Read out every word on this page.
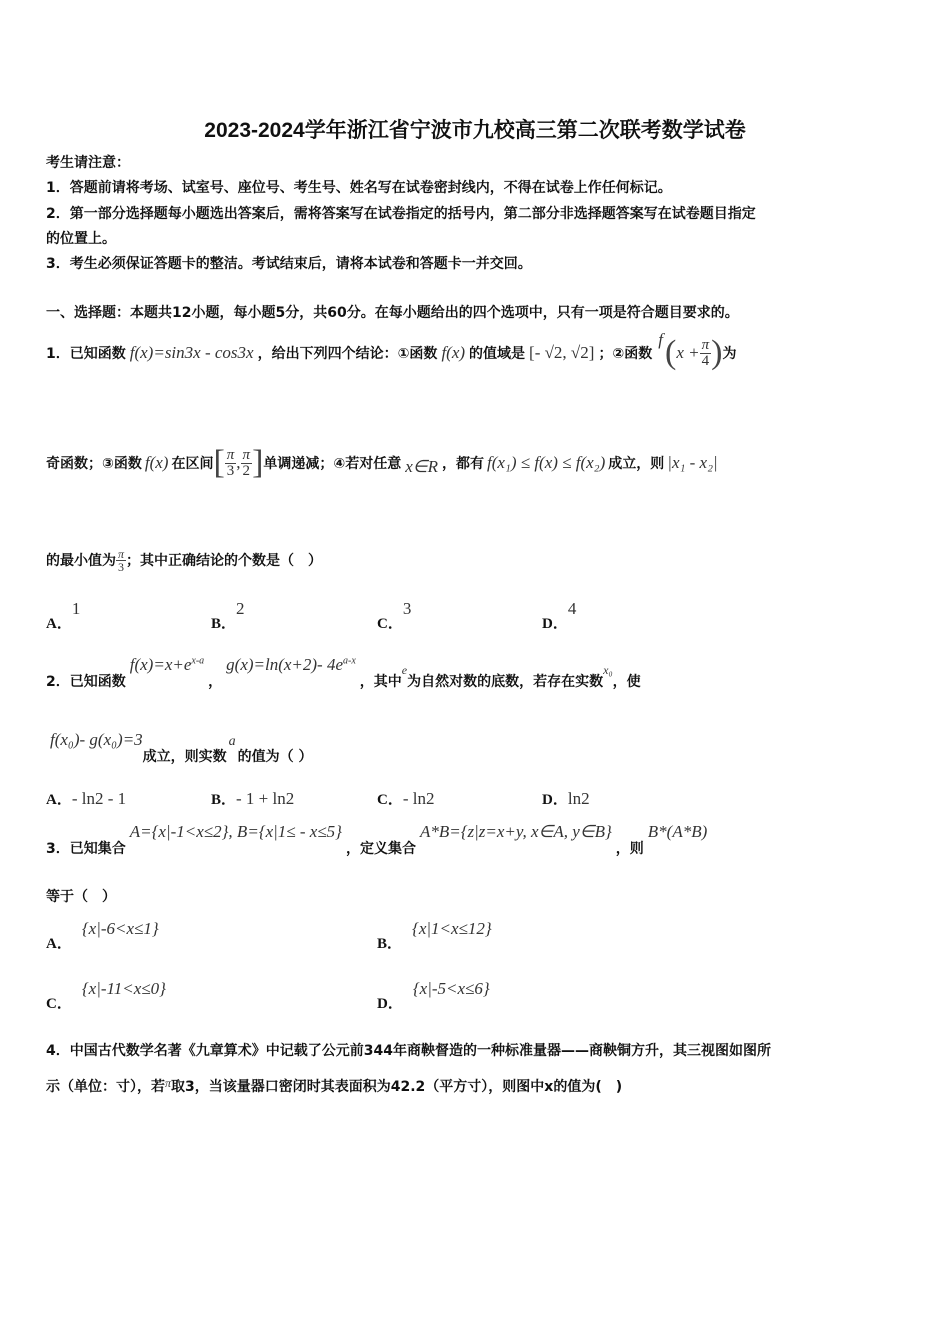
2023-2024学年浙江省宁波市九校高三第二次联考数学试卷
考生请注意：
1．答题前请将考场、试室号、座位号、考生号、姓名写在试卷密封线内，不得在试卷上作任何标记。
2．第一部分选择题每小题选出答案后，需将答案写在试卷指定的括号内，第二部分非选择题答案写在试卷题目指定
的位置上。
3．考生必须保证答题卡的整洁。考试结束后，请将本试卷和答题卡一并交回。
一、选择题：本题共12小题，每小题5分，共60分。在每小题给出的四个选项中，只有一项是符合题目要求的。
1． 已知函数 f(x)=sin3x - cos3x ，给出下列四个结论：①函数 f(x) 的值域是 [- √2, √2] ；②函数
f ( $x + \frac{\pi}{4}$ ) 为
奇函数；③函数 f(x) 在区间 [ $\frac{\pi}{3}$ , $\frac{\pi}{2}$ ] 单调递减；④若对任意 x∈R ，都有 f(x₁) ≤ f(x) ≤ f(x₂) 成立，则 |x₁ - x₂|
的最小值为 $\frac{\pi}{3}$ ；其中正确结论的个数是（　）
A．1
B．2
C．3
D．4
2． 已知函数
$f(x)=x+e^{x-a}$
，
g(x)=ln(x+2)- $4e^{a-x}$
，其中
e
为自然对数的底数，若存在实数
x₀
，使
f(x₀)- g(x₀)=3
成立，则实数
a
的值为（ ）
A．- ln2 - 1	B．- 1 + ln2	C．- ln2	D．ln2
3． 已知集合
A={x|-1<x≤2}, B={x|1≤ - x≤5}
，定义集合
A*B={z|z=x+y, x∈A, y∈B}
，则
B*(A*B)
等于（　）
A．{x|-6<x≤1}
B．{x|1<x≤12}
C．{x|-11<x≤0}
D．{x|-5<x≤6}
4．中国古代数学名著《九章算术》中记载了公元前344年商鞅督造的一种标准量器——商鞅铜方升，其三视图如图所
示（单位：寸），若 π 取3，当该量器口密闭时其表面积为42.2（平方寸），则图中x的值为(　)
